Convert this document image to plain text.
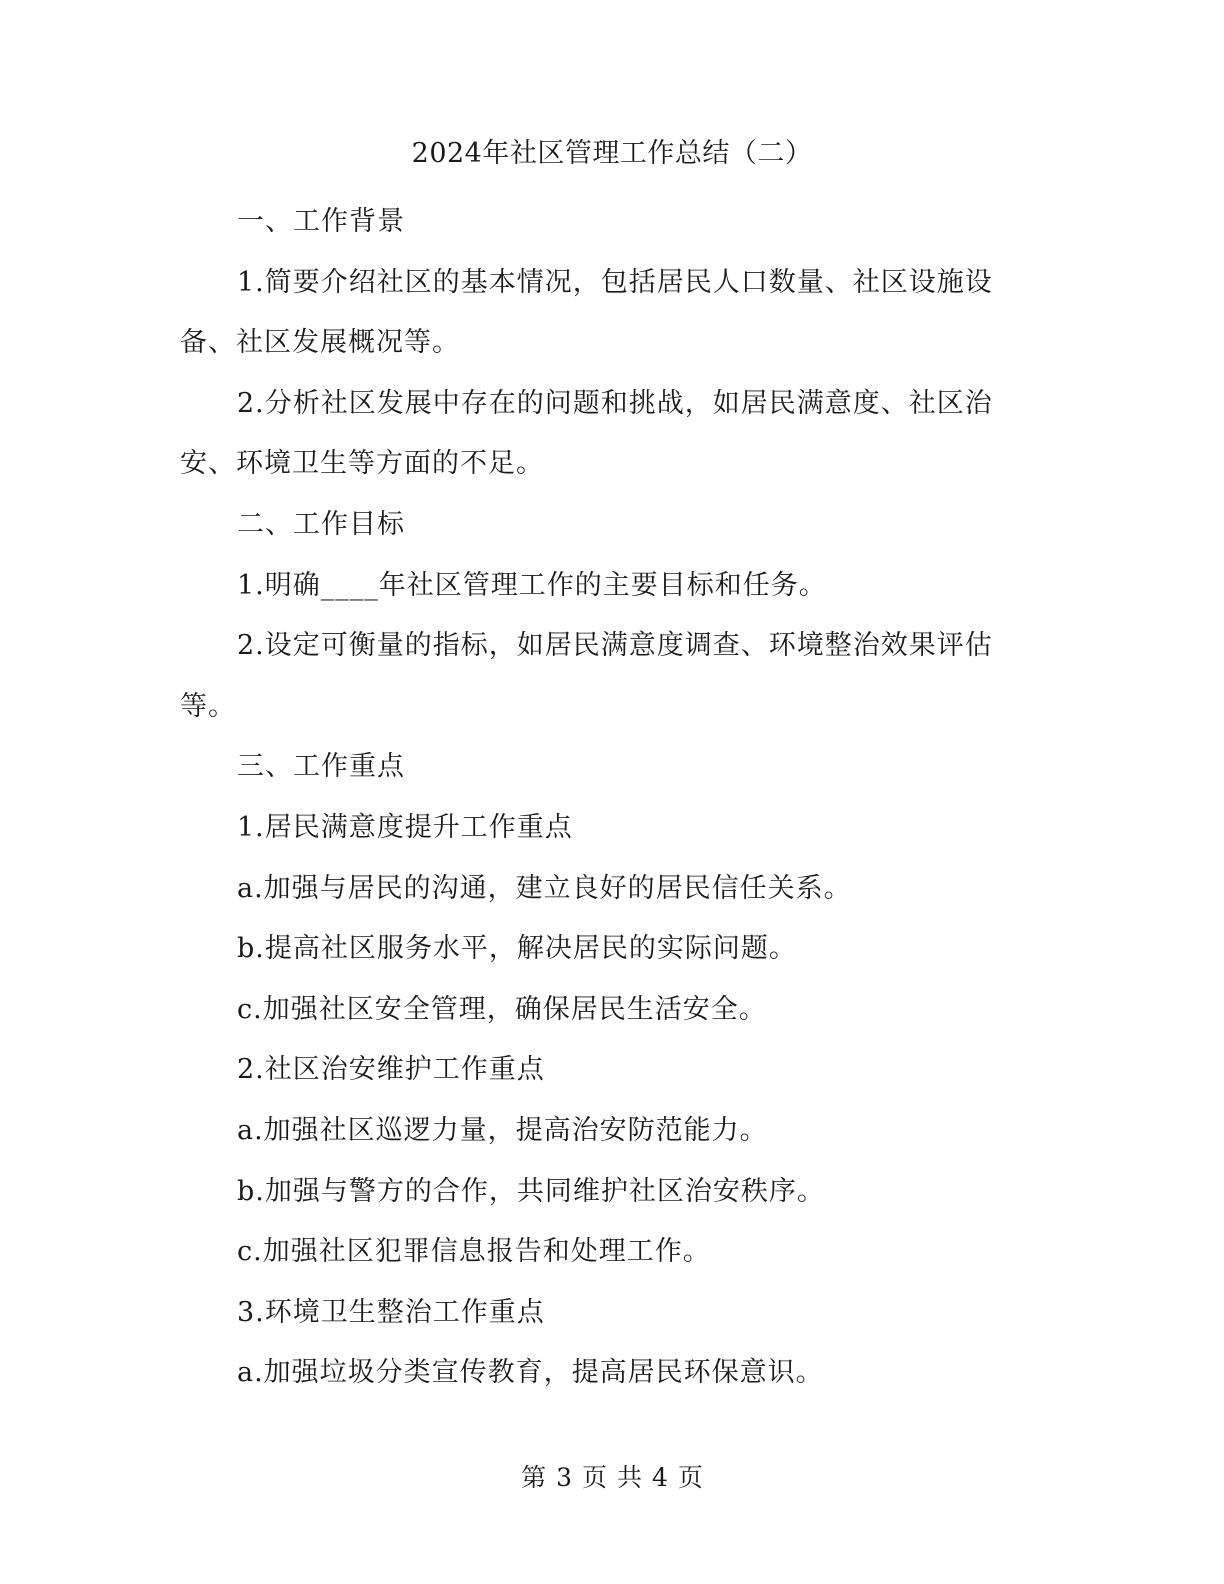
2024年社区管理工作总结（二）

一、工作背景

1.简要介绍社区的基本情况，包括居民人口数量、社区设施设备、社区发展概况等。

2.分析社区发展中存在的问题和挑战，如居民满意度、社区治安、环境卫生等方面的不足。

二、工作目标

1.明确____年社区管理工作的主要目标和任务。

2.设定可衡量的指标，如居民满意度调查、环境整治效果评估等。

三、工作重点

1.居民满意度提升工作重点

a.加强与居民的沟通，建立良好的居民信任关系。

b.提高社区服务水平，解决居民的实际问题。

c.加强社区安全管理，确保居民生活安全。

2.社区治安维护工作重点

a.加强社区巡逻力量，提高治安防范能力。

b.加强与警方的合作，共同维护社区治安秩序。

c.加强社区犯罪信息报告和处理工作。

3.环境卫生整治工作重点

a.加强垃圾分类宣传教育，提高居民环保意识。

第 3 页 共 4 页
